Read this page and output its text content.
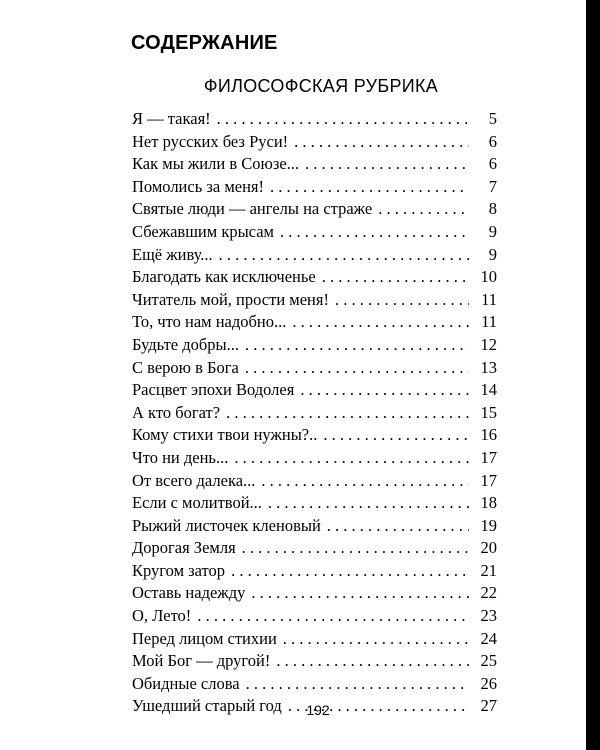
СОДЕРЖАНИЕ
ФИЛОСОФСКАЯ РУБРИКА
Я — такая! . . .	5
Нет русских без Руси! . . .	6
Как мы жили в Союзе... . . .	6
Помолись за меня! . . .	7
Святые люди — ангелы на страже . . .	8
Сбежавшим крысам . . .	9
Ещё живу... . . .	9
Благодать как исключенье . . .	10
Читатель мой, прости меня! . . .	11
То, что нам надобно... . . .	11
Будьте добры... . . .	12
С верою в Бога . . .	13
Расцвет эпохи Водолея . . .	14
А кто богат? . . .	15
Кому стихи твои нужны?.. . . .	16
Что ни день... . . .	17
От всего далека... . . .	17
Если с молитвой... . . .	18
Рыжий листочек кленовый . . .	19
Дорогая Земля . . .	20
Кругом затор . . .	21
Оставь надежду . . .	22
О, Лето! . . .	23
Перед лицом стихии . . .	24
Мой Бог — другой! . . .	25
Обидные слова . . .	26
Ушедший старый год . . .	27
192
